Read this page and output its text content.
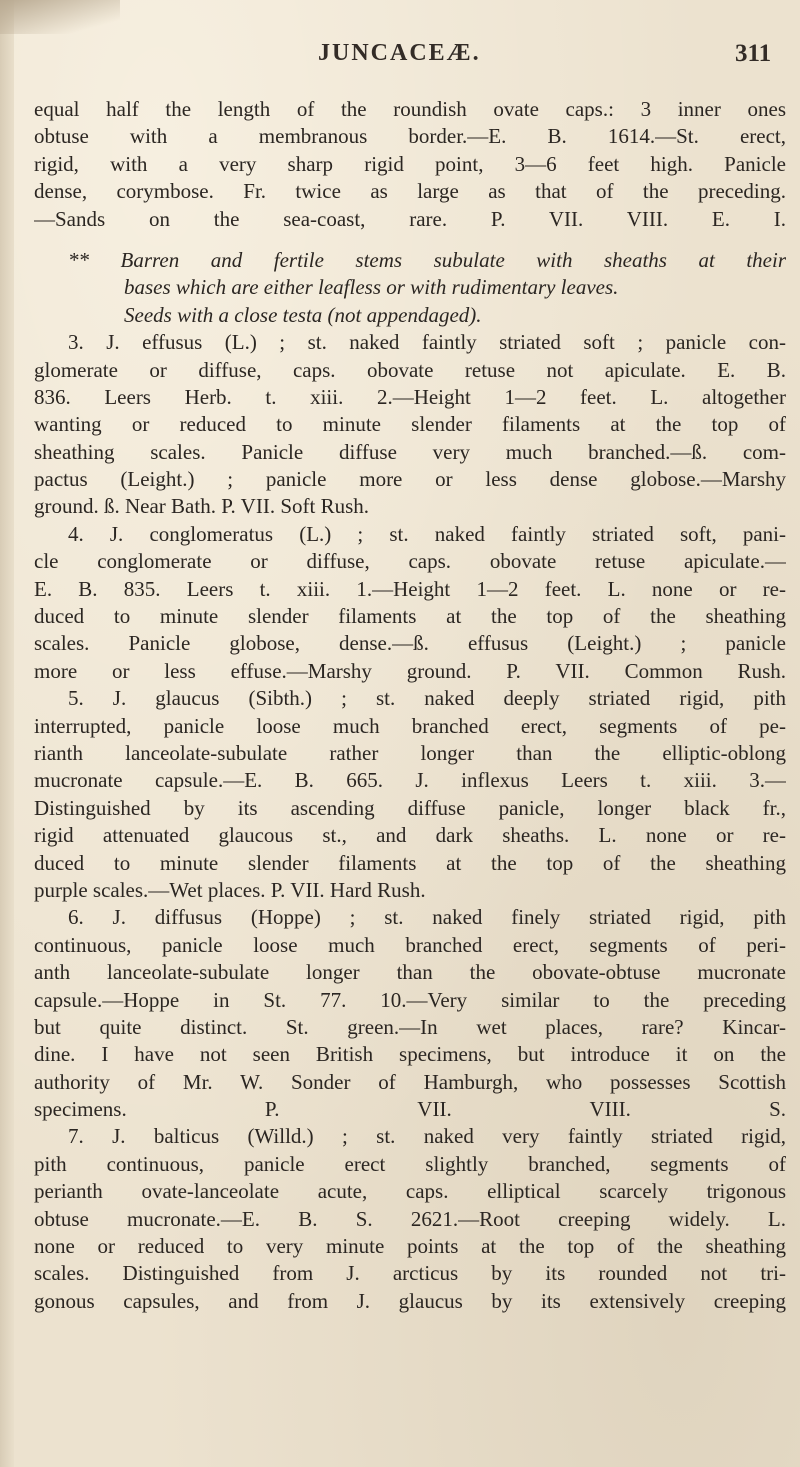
JUNCACEÆ.	311
equal half the length of the roundish ovate caps.: 3 inner ones
obtuse with a membranous border.—E. B. 1614.—St. erect,
rigid, with a very sharp rigid point, 3—6 feet high. Panicle
dense, corymbose. Fr. twice as large as that of the preceding.
—Sands on the sea-coast, rare. P. VII. VIII. E. I.
** Barren and fertile stems subulate with sheaths at their
bases which are either leafless or with rudimentary leaves.
Seeds with a close testa (not appendaged).
3. J. effusus (L.) ; st. naked faintly striated soft ; panicle con-
glomerate or diffuse, caps. obovate retuse not apiculate. E. B.
836. Leers Herb. t. xiii. 2.—Height 1—2 feet. L. altogether
wanting or reduced to minute slender filaments at the top of
sheathing scales. Panicle diffuse very much branched.—ß. com-
pactus (Leight.) ; panicle more or less dense globose.—Marshy
ground. ß. Near Bath. P. VII. Soft Rush.
4. J. conglomeratus (L.) ; st. naked faintly striated soft, pani-
cle conglomerate or diffuse, caps. obovate retuse apiculate.—
E. B. 835. Leers t. xiii. 1.—Height 1—2 feet. L. none or re-
duced to minute slender filaments at the top of the sheathing
scales. Panicle globose, dense.—ß. effusus (Leight.) ; panicle
more or less effuse.—Marshy ground. P. VII. Common Rush.
5. J. glaucus (Sibth.) ; st. naked deeply striated rigid, pith
interrupted, panicle loose much branched erect, segments of pe-
rianth lanceolate-subulate rather longer than the elliptic-oblong
mucronate capsule.—E. B. 665. J. inflexus Leers t. xiii. 3.—
Distinguished by its ascending diffuse panicle, longer black fr.,
rigid attenuated glaucous st., and dark sheaths. L. none or re-
duced to minute slender filaments at the top of the sheathing
purple scales.—Wet places. P. VII. Hard Rush.
6. J. diffusus (Hoppe) ; st. naked finely striated rigid, pith
continuous, panicle loose much branched erect, segments of peri-
anth lanceolate-subulate longer than the obovate-obtuse mucronate
capsule.—Hoppe in St. 77. 10.—Very similar to the preceding
but quite distinct. St. green.—In wet places, rare? Kincar-
dine. I have not seen British specimens, but introduce it on the
authority of Mr. W. Sonder of Hamburgh, who possesses Scottish
specimens. P. VII. VIII. S.
7. J. balticus (Willd.) ; st. naked very faintly striated rigid,
pith continuous, panicle erect slightly branched, segments of
perianth ovate-lanceolate acute, caps. elliptical scarcely trigonous
obtuse mucronate.—E. B. S. 2621.—Root creeping widely. L.
none or reduced to very minute points at the top of the sheathing
scales. Distinguished from J. arcticus by its rounded not tri-
gonous capsules, and from J. glaucus by its extensively creeping
